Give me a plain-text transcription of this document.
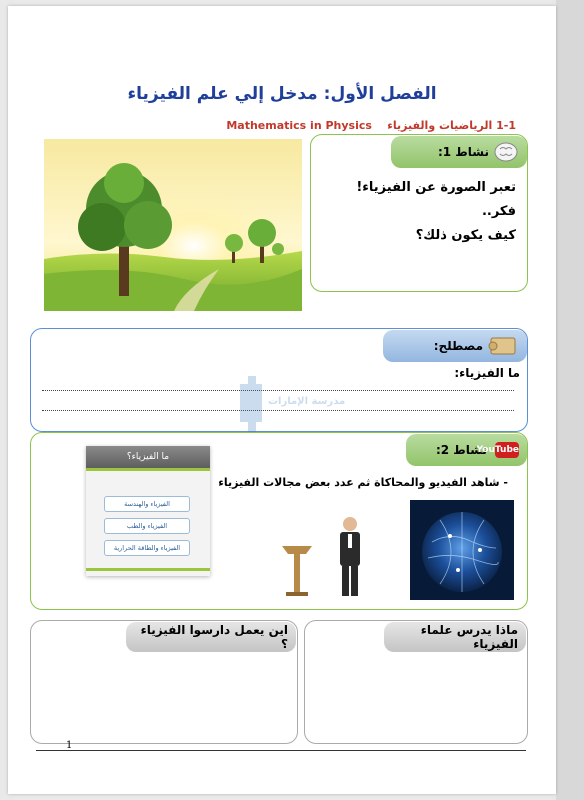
الفصل الأول: مدخل إلي علم الفيزياء
1-1 الرياضيات والفيزياء    Mathematics in Physics
نشاط 1:
تعبر الصورة عن الفيزياء! فكر..
كيف يكون ذلك؟
مصطلح:
ما الفيزياء:
مدرسة الإمارات
YouTube
نشاط 2:
- شاهد الفيديو والمحاكاة ثم عدد بعض مجالات الفيزياء
ما الفيزياء؟
الفيزياء والهندسة
الفيزياء والطب
الفيزياء والطاقة الحرارية
اين يعمل دارسوا الفيزياء ؟
ماذا يدرس علماء الفيزياء
1
